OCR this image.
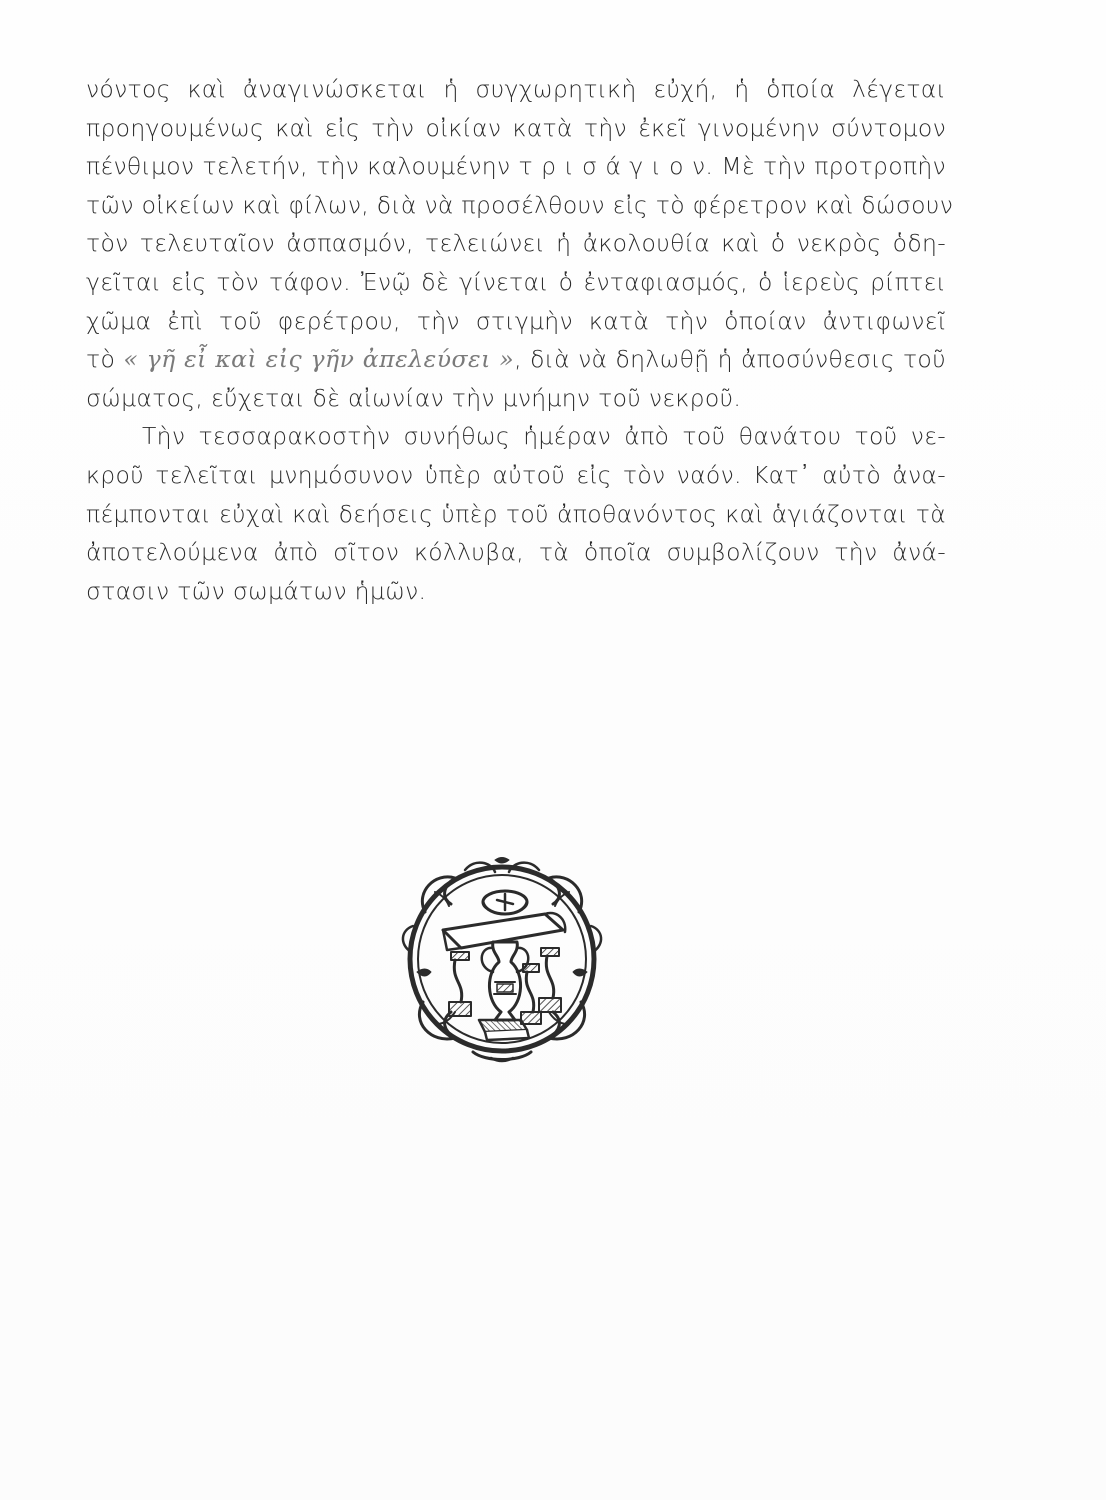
νόντος καὶ ἀναγινώσκεται ἡ συγχωρητικὴ εὐχή, ἡ ὁποία λέγεται
προηγουμένως καὶ εἰς τὴν οἰκίαν κατὰ τὴν ἐκεῖ γινομένην σύντομον
πένθιμον τελετήν, τὴν καλουμένην τ ρ ι σ ά γ ι ο ν. Μὲ τὴν προτροπὴν
τῶν οἰκείων καὶ φίλων, διὰ νὰ προσέλθουν εἰς τὸ φέρετρον καὶ δώσουν
τὸν τελευταῖον ἀσπασμόν, τελειώνει ἡ ἀκολουθία καὶ ὁ νεκρὸς ὁδη-
γεῖται εἰς τὸν τάφον. Ἐνῷ δὲ γίνεται ὁ ἐνταφιασμός, ὁ ἱερεὺς ρίπτει
χῶμα ἐπὶ τοῦ φερέτρου, τὴν στιγμὴν κατὰ τὴν ὁποίαν ἀντιφωνεῖ
τὸ « γῆ εἶ καὶ εἰς γῆν ἀπελεύσει », διὰ νὰ δηλωθῇ ἡ ἀποσύνθεσις τοῦ
σώματος, εὔχεται δὲ αἰωνίαν τὴν μνήμην τοῦ νεκροῦ.
Τὴν τεσσαρακοστὴν συνήθως ἡμέραν ἀπὸ τοῦ θανάτου τοῦ νε-
κροῦ τελεῖται μνημόσυνον ὑπὲρ αὐτοῦ εἰς τὸν ναόν. Κατ᾽ αὐτὸ ἀνα-
πέμπονται εὐχαὶ καὶ δεήσεις ὑπὲρ τοῦ ἀποθανόντος καὶ ἁγιάζονται τὰ
ἀποτελούμενα ἀπὸ σῖτον κόλλυβα, τὰ ὁποῖα συμβολίζουν τὴν ἀνά-
στασιν τῶν σωμάτων ἡμῶν.
